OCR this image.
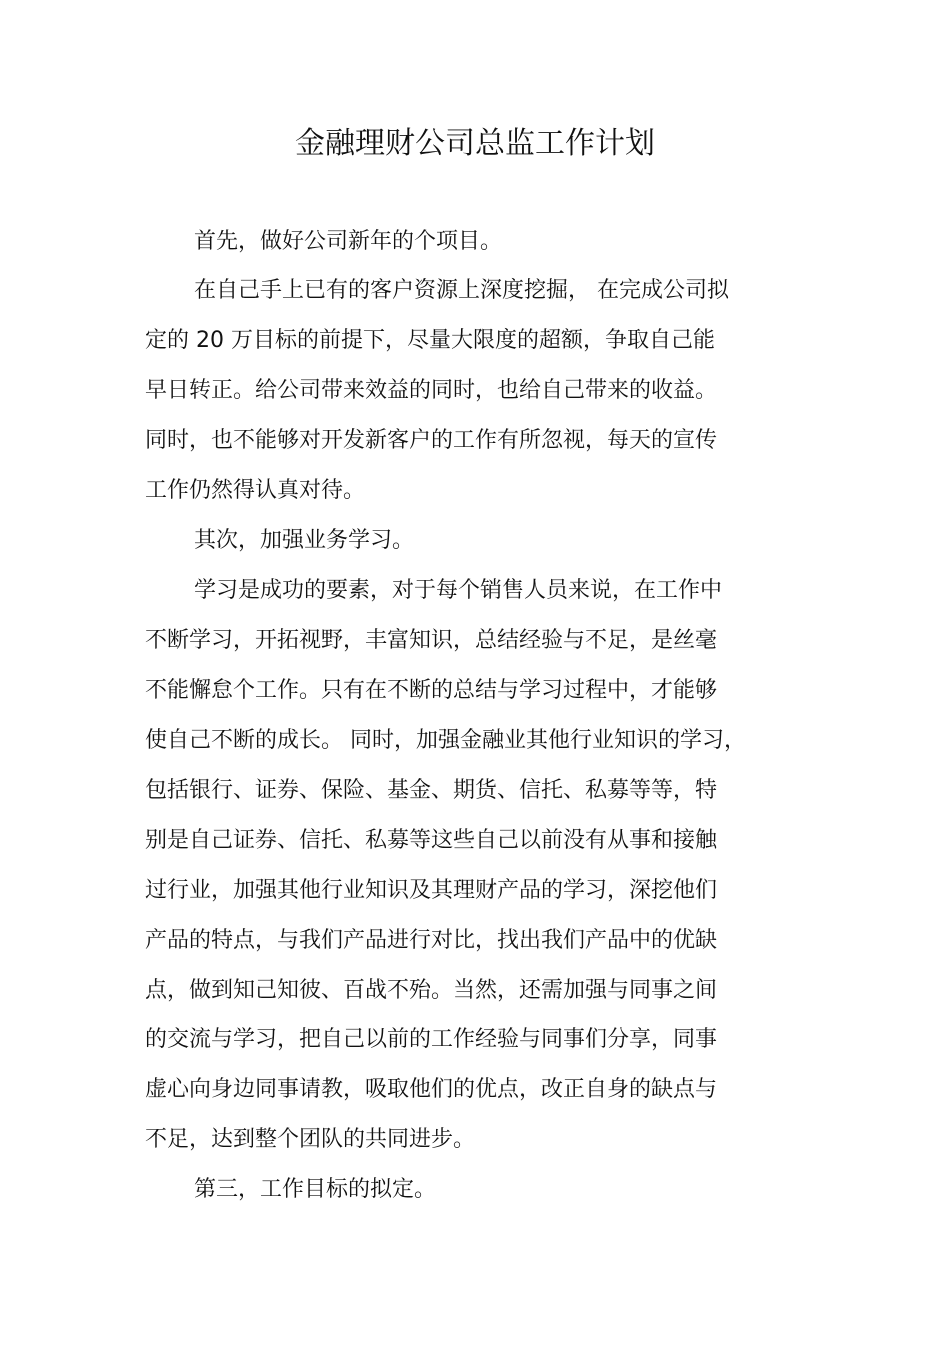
金融理财公司总监工作计划
首先，做好公司新年的个项目。
在自己手上已有的客户资源上深度挖掘， 在完成公司拟
定的 20 万目标的前提下，尽量大限度的超额，争取自己能
早日转正。给公司带来效益的同时，也给自己带来的收益。
同时，也不能够对开发新客户的工作有所忽视，每天的宣传
工作仍然得认真对待。
其次，加强业务学习。
学习是成功的要素，对于每个销售人员来说，在工作中
不断学习，开拓视野，丰富知识，总结经验与不足，是丝毫
不能懈怠个工作。只有在不断的总结与学习过程中，才能够
使自己不断的成长。 同时，加强金融业其他行业知识的学习，
包括银行、证券、保险、基金、期货、信托、私募等等，特
别是自己证券、信托、私募等这些自己以前没有从事和接触
过行业，加强其他行业知识及其理财产品的学习，深挖他们
产品的特点，与我们产品进行对比，找出我们产品中的优缺
点，做到知己知彼、百战不殆。当然，还需加强与同事之间
的交流与学习，把自己以前的工作经验与同事们分享，同事
虚心向身边同事请教，吸取他们的优点，改正自身的缺点与
不足，达到整个团队的共同进步。
第三，工作目标的拟定。
